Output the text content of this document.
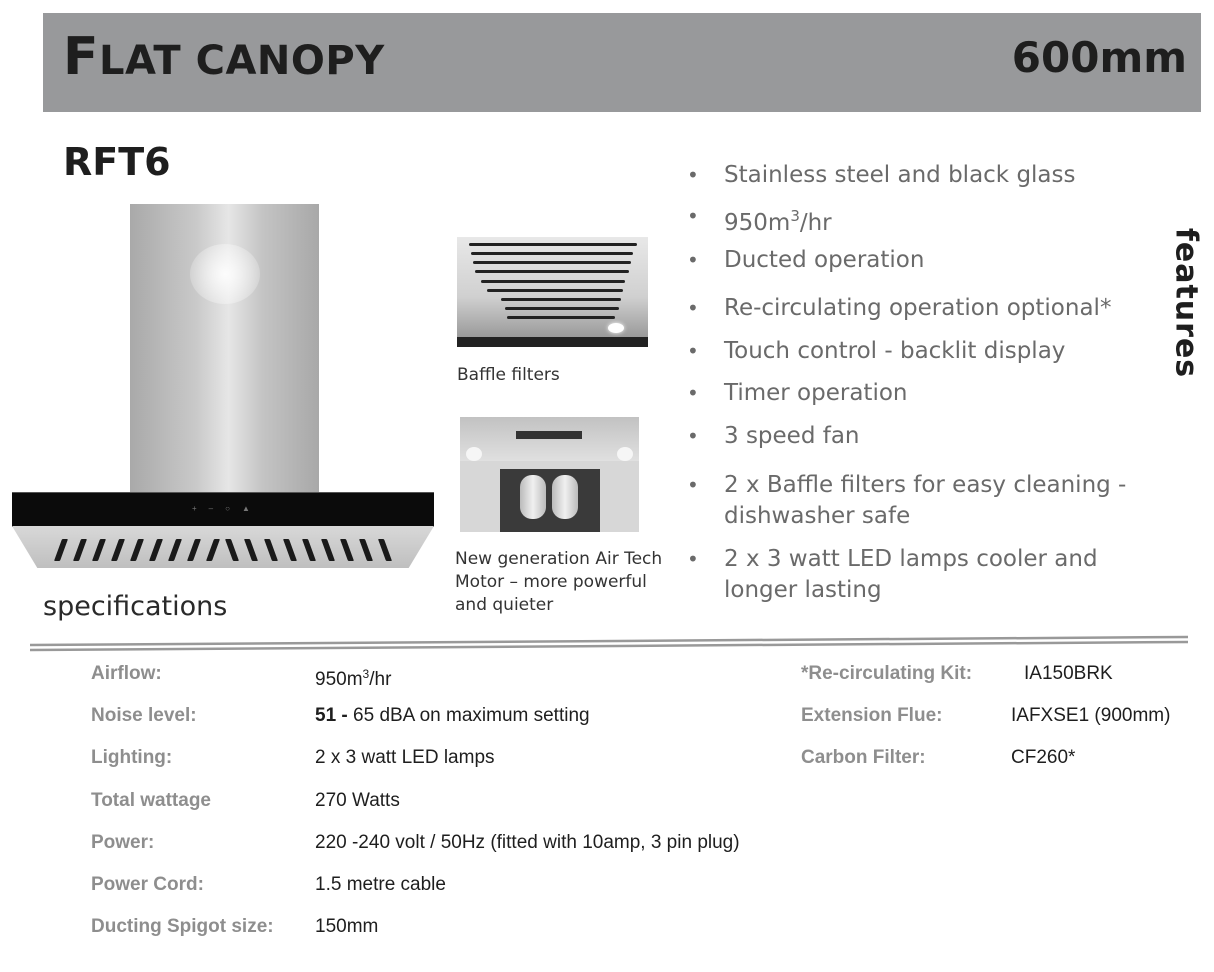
FLAT CANOPY	600mm
RFT6
+ – ○ ▲
Baffle filters
New generation Air Tech Motor – more powerful and quieter
• Stainless steel and black glass
• $950m^3/hr$
• Ducted operation
• Re-circulating operation optional*
• Touch control - backlit display
• Timer operation
• 3 speed fan
• 2 x Baffle filters for easy cleaning - dishwasher safe
• 2 x 3 watt LED lamps cooler and longer lasting
features
specifications
Airflow:	$950m^3/hr$
Noise level:	51 - 65 dBA on maximum setting
Lighting:	2 x 3 watt LED lamps
Total wattage	270 Watts
Power:	220 -240 volt / 50Hz (fitted with 10amp, 3 pin plug)
Power Cord:	1.5 metre cable
Ducting Spigot size: 150mm
*Re-circulating Kit:	IA150BRK
Extension Flue:	IAFXSE1 (900mm)
Carbon Filter:	CF260*
